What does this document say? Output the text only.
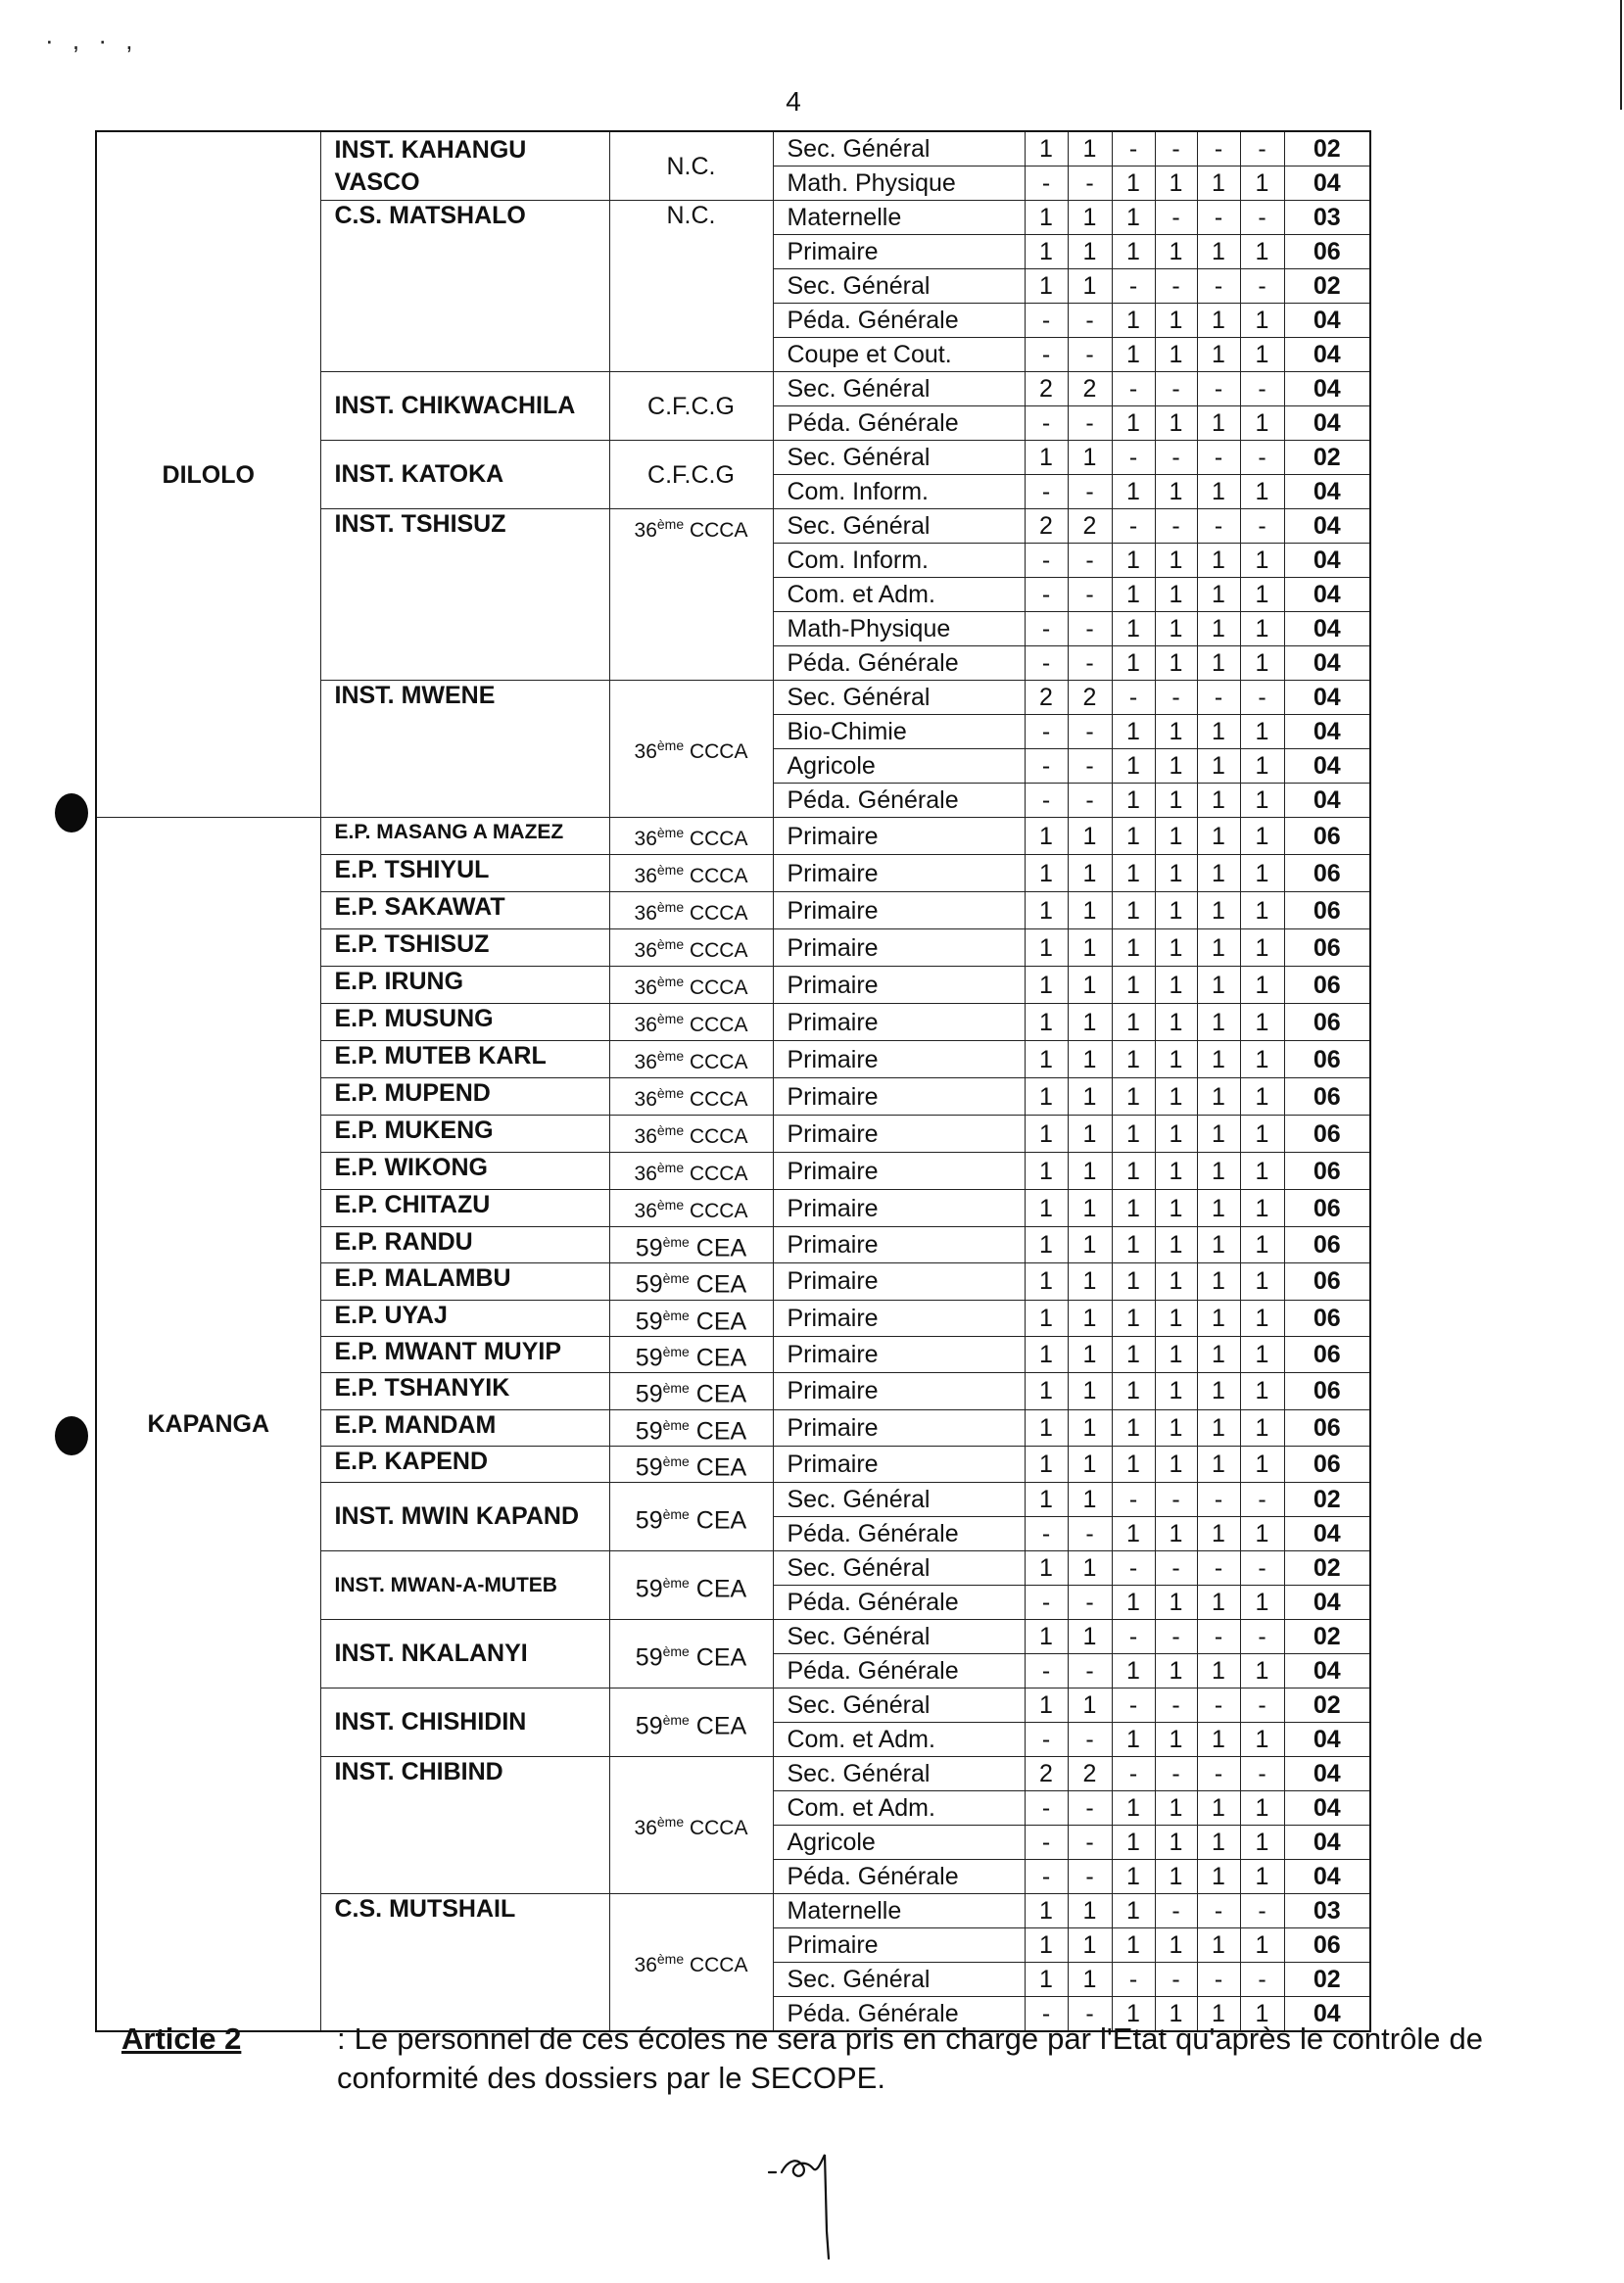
· , · ,
4
DILOLO	INST. KAHANGU VASCO	N.C.	Sec. Général	1	1	-	-	-	-	02
			Math. Physique	-	-	1	1	1	1	04
	C.S. MATSHALO	N.C.	Maternelle	1	1	1	-	-	-	03
			Primaire	1	1	1	1	1	1	06
			Sec. Général	1	1	-	-	-	-	02
			Péda. Générale	-	-	1	1	1	1	04
			Coupe et Cout.	-	-	1	1	1	1	04
	INST. CHIKWACHILA	C.F.C.G	Sec. Général	2	2	-	-	-	-	04
			Péda. Générale	-	-	1	1	1	1	04
	INST. KATOKA	C.F.C.G	Sec. Général	1	1	-	-	-	-	02
			Com. Inform.	-	-	1	1	1	1	04
	INST. TSHISUZ	36ème CCCA	Sec. Général	2	2	-	-	-	-	04
			Com. Inform.	-	-	1	1	1	1	04
			Com. et Adm.	-	-	1	1	1	1	04
			Math-Physique	-	-	1	1	1	1	04
			Péda. Générale	-	-	1	1	1	1	04
	INST. MWENE	36ème CCCA	Sec. Général	2	2	-	-	-	-	04
			Bio-Chimie	-	-	1	1	1	1	04
			Agricole	-	-	1	1	1	1	04
			Péda. Générale	-	-	1	1	1	1	04
KAPANGA	E.P. MASANG A MAZEZ	36ème CCCA	Primaire	1	1	1	1	1	1	06
	E.P. TSHIYUL	36ème CCCA	Primaire	1	1	1	1	1	1	06
	E.P. SAKAWAT	36ème CCCA	Primaire	1	1	1	1	1	1	06
	E.P. TSHISUZ	36ème CCCA	Primaire	1	1	1	1	1	1	06
	E.P. IRUNG	36ème CCCA	Primaire	1	1	1	1	1	1	06
	E.P. MUSUNG	36ème CCCA	Primaire	1	1	1	1	1	1	06
	E.P. MUTEB KARL	36ème CCCA	Primaire	1	1	1	1	1	1	06
	E.P. MUPEND	36ème CCCA	Primaire	1	1	1	1	1	1	06
	E.P. MUKENG	36ème CCCA	Primaire	1	1	1	1	1	1	06
	E.P. WIKONG	36ème CCCA	Primaire	1	1	1	1	1	1	06
	E.P. CHITAZU	36ème CCCA	Primaire	1	1	1	1	1	1	06
	E.P. RANDU	59ème CEA	Primaire	1	1	1	1	1	1	06
	E.P. MALAMBU	59ème CEA	Primaire	1	1	1	1	1	1	06
	E.P. UYAJ	59ème CEA	Primaire	1	1	1	1	1	1	06
	E.P. MWANT MUYIP	59ème CEA	Primaire	1	1	1	1	1	1	06
	E.P. TSHANYIK	59ème CEA	Primaire	1	1	1	1	1	1	06
	E.P. MANDAM	59ème CEA	Primaire	1	1	1	1	1	1	06
	E.P. KAPEND	59ème CEA	Primaire	1	1	1	1	1	1	06
	INST. MWIN KAPAND	59ème CEA	Sec. Général	1	1	-	-	-	-	02
			Péda. Générale	-	-	1	1	1	1	04
	INST. MWAN-A-MUTEB	59ème CEA	Sec. Général	1	1	-	-	-	-	02
			Péda. Générale	-	-	1	1	1	1	04
	INST. NKALANYI	59ème CEA	Sec. Général	1	1	-	-	-	-	02
			Péda. Générale	-	-	1	1	1	1	04
	INST. CHISHIDIN	59ème CEA	Sec. Général	1	1	-	-	-	-	02
			Com. et Adm.	-	-	1	1	1	1	04
	INST. CHIBIND	36ème CCCA	Sec. Général	2	2	-	-	-	-	04
			Com. et Adm.	-	-	1	1	1	1	04
			Agricole	-	-	1	1	1	1	04
			Péda. Générale	-	-	1	1	1	1	04
	C.S. MUTSHAIL	36ème CCCA	Maternelle	1	1	1	-	-	-	03
			Primaire	1	1	1	1	1	1	06
			Sec. Général	1	1	-	-	-	-	02
			Péda. Générale	-	-	1	1	1	1	04
Article 2	: Le personnel de ces écoles ne sera pris en charge par l'Etat qu'après le contrôle de conformité des dossiers par le SECOPE.
